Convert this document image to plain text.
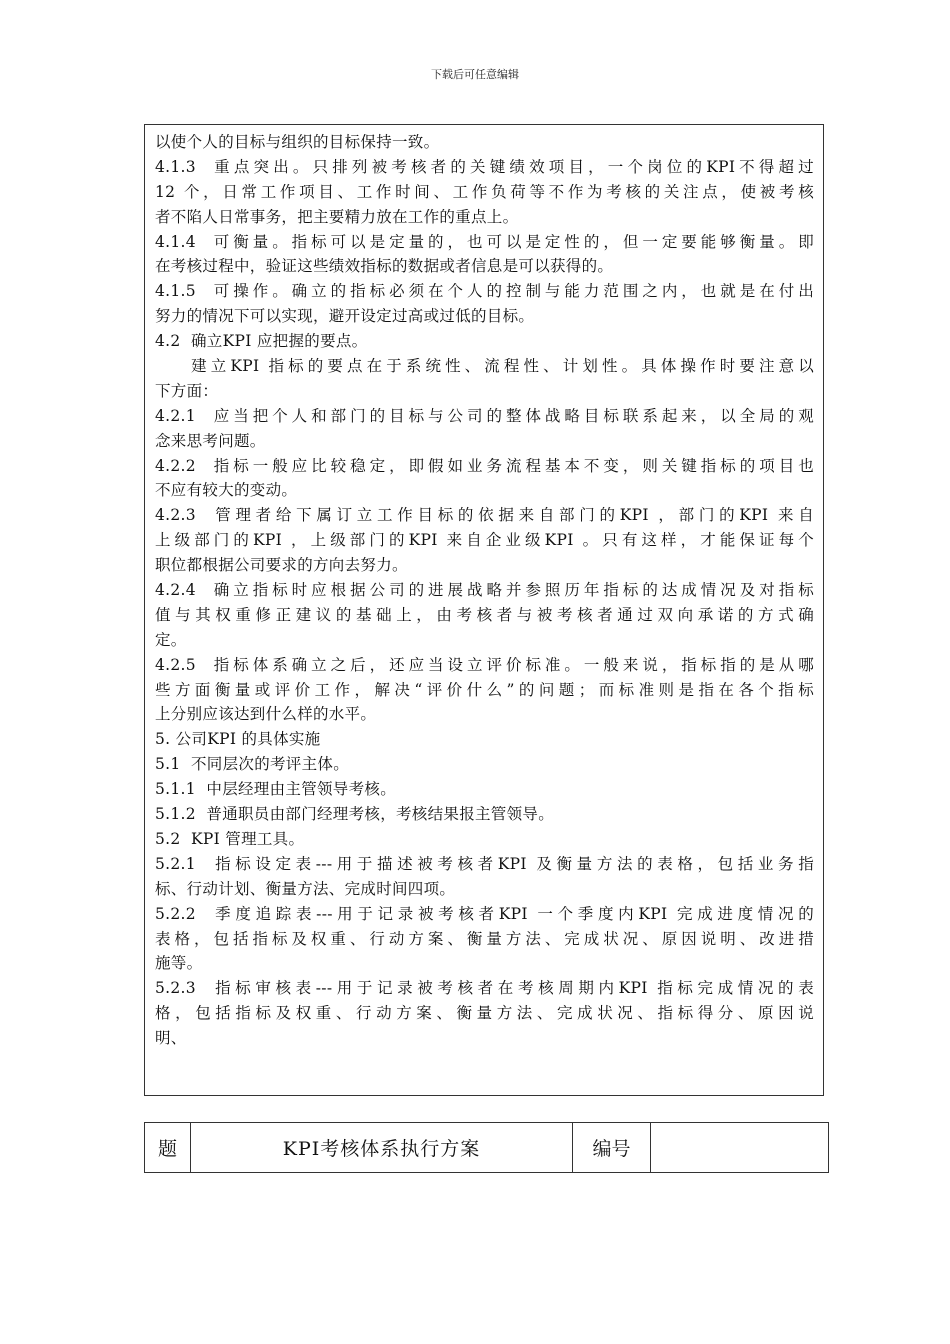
下载后可任意编辑
以使个人的目标与组织的目标保持一致。
4.1.3  重点突出。只排列被考核者的关键绩效项目，一个岗位的KPI不得超过
12 个，日常工作项目、工作时间、工作负荷等不作为考核的关注点，使被考核
者不陷人日常事务，把主要精力放在工作的重点上。
4.1.4  可衡量。指标可以是定量的，也可以是定性的，但一定要能够衡量。即
在考核过程中，验证这些绩效指标的数据或者信息是可以获得的。
4.1.5  可操作。确立的指标必须在个人的控制与能力范围之内，也就是在付出
努力的情况下可以实现，避开设定过高或过低的目标。
4.2  确立KPI 应把握的要点。
建立KPI 指标的要点在于系统性、流程性、计划性。具体操作时要注意以
下方面：
4.2.1  应当把个人和部门的目标与公司的整体战略目标联系起来，以全局的观
念来思考问题。
4.2.2  指标一般应比较稳定，即假如业务流程基本不变，则关键指标的项目也
不应有较大的变动。
4.2.3  管理者给下属订立工作目标的依据来自部门的KPI ，部门的KPI 来自
上级部门的KPI ，上级部门的KPI 来自企业级KPI 。只有这样，才能保证每个
职位都根据公司要求的方向去努力。
4.2.4  确立指标时应根据公司的进展战略并参照历年指标的达成情况及对指标
值与其权重修正建议的基础上，由考核者与被考核者通过双向承诺的方式确
定。
4.2.5  指标体系确立之后，还应当设立评价标准。一般来说，指标指的是从哪
些方面衡量或评价工作，解决“评价什么”的问题；而标准则是指在各个指标
上分别应该达到什么样的水平。
5. 公司KPI 的具体实施
5.1  不同层次的考评主体。
5.1.1  中层经理由主管领导考核。
5.1.2  普通职员由部门经理考核，考核结果报主管领导。
5.2  KPI 管理工具。
5.2.1  指标设定表---用于描述被考核者KPI 及衡量方法的表格，包括业务指
标、行动计划、衡量方法、完成时间四项。
5.2.2  季度追踪表---用于记录被考核者KPI 一个季度内KPI 完成进度情况的
表格，包括指标及权重、行动方案、衡量方法、完成状况、原因说明、改进措
施等。
5.2.3  指标审核表---用于记录被考核者在考核周期内KPI 指标完成情况的表
格，包括指标及权重、行动方案、衡量方法、完成状况、指标得分、原因说
明、
题	KPI考核体系执行方案	编号	
